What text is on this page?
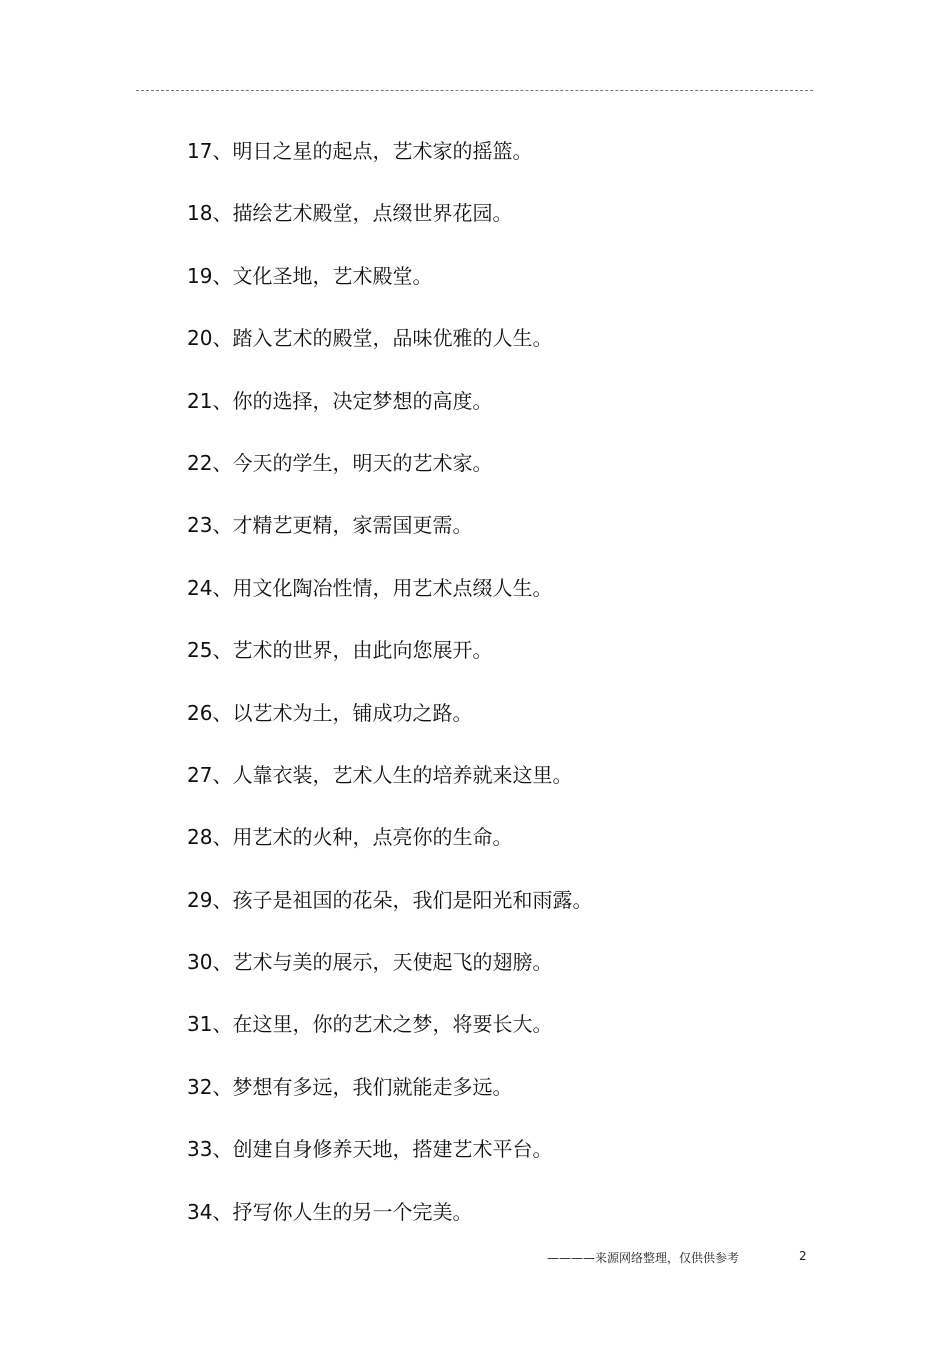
17、明日之星的起点，艺术家的摇篮。
18、描绘艺术殿堂，点缀世界花园。
19、文化圣地，艺术殿堂。
20、踏入艺术的殿堂，品味优雅的人生。
21、你的选择，决定梦想的高度。
22、今天的学生，明天的艺术家。
23、才精艺更精，家需国更需。
24、用文化陶冶性情，用艺术点缀人生。
25、艺术的世界，由此向您展开。
26、以艺术为土，铺成功之路。
27、人靠衣装，艺术人生的培养就来这里。
28、用艺术的火种，点亮你的生命。
29、孩子是祖国的花朵，我们是阳光和雨露。
30、艺术与美的展示，天使起飞的翅膀。
31、在这里，你的艺术之梦，将要长大。
32、梦想有多远，我们就能走多远。
33、创建自身修养天地，搭建艺术平台。
34、抒写你人生的另一个完美。
————来源网络整理，仅供供参考	2
